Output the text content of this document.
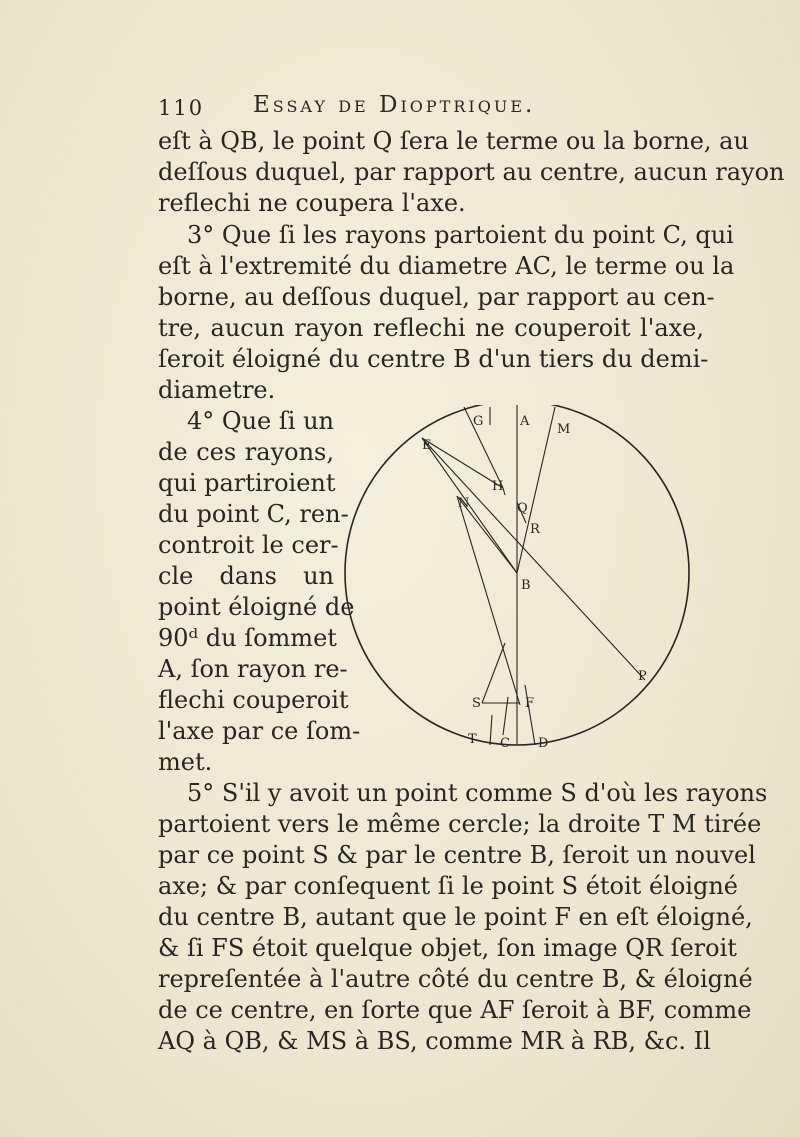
110 Essay de Dioptrique.
eſt à QB, le point Q ſera le terme ou la borne, au
deſſous duquel, par rapport au centre, aucun rayon
reflechi ne coupera l'axe.
3° Que ſi les rayons partoient du point C, qui
eſt à l'extremité du diametre AC, le terme ou la
borne, au deſſous duquel, par rapport au cen-
tre, aucun rayon reflechi ne couperoit l'axe,
ſeroit éloigné du centre B d'un tiers du demi-
diametre.
4° Que ſi un
de ces rayons,
qui partiroient
du point C, ren-
controit le cer-
cle dans un
point éloigné de
90ᵈ du ſommet
A, ſon rayon re-
flechi couperoit
l'axe par ce ſom-
met.
G	A
M
E
H
N	Q
R
B
P
S	F
T C D
5° S'il y avoit un point comme S d'où les rayons
partoient vers le même cercle; la droite T M tirée
par ce point S & par le centre B, ſeroit un nouvel
axe; & par conſequent ſi le point S étoit éloigné
du centre B, autant que le point F en eſt éloigné,
& ſi FS étoit quelque objet, ſon image QR ſeroit
repreſentée à l'autre côté du centre B, & éloigné
de ce centre, en ſorte que AF ſeroit à BF, comme
AQ à QB, & MS à BS, comme MR à RB, &c. Il
